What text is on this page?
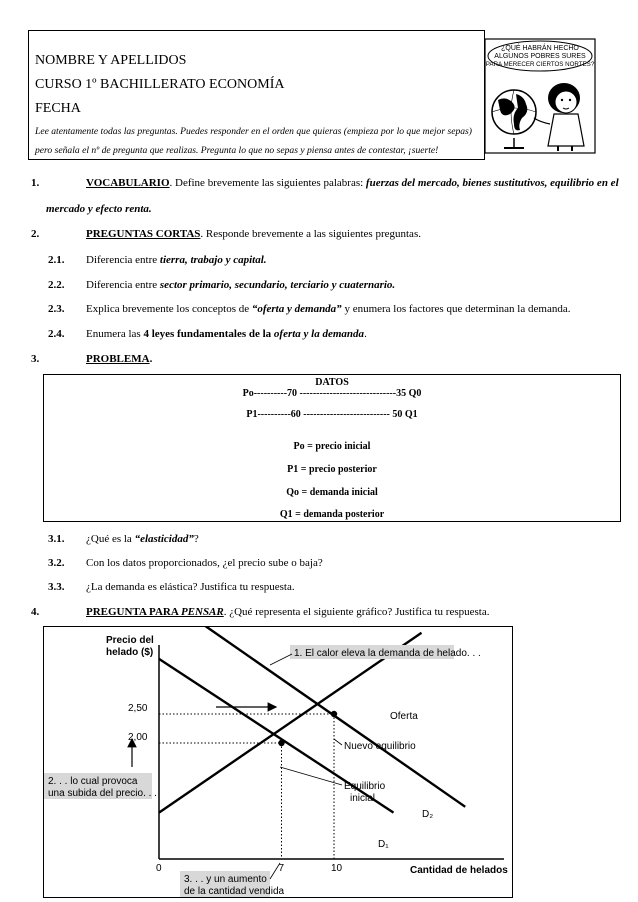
NOMBRE Y APELLIDOS
CURSO 1º BACHILLERATO ECONOMÍA
FECHA
Lee atentamente todas las preguntas. Puedes responder en el orden que quieras (empieza por lo que mejor sepas)
pero señala el nº de pregunta que realizas. Pregunta lo que no sepas y piensa antes de contestar, ¡suerte!
¿QUÉ HABRÁN HECHO
ALGUNOS POBRES SURES
PARA MERECER CIERTOS NORTES?
1.	VOCABULARIO. Define brevemente las siguientes palabras: fuerzas del mercado, bienes sustitutivos, equilibrio en el
mercado y efecto renta.
2.	PREGUNTAS CORTAS. Responde brevemente a las siguientes preguntas.
2.1. Diferencia entre tierra, trabajo y capital.
2.2. Diferencia entre sector primario, secundario, terciario y cuaternario.
2.3. Explica brevemente los conceptos de “oferta y demanda” y enumera los factores que determinan la demanda.
2.4. Enumera las 4 leyes fundamentales de la oferta y la demanda.
3.	PROBLEMA.
DATOS
Po----------70 -----------------------------35 Q0
P1----------60 -------------------------- 50 Q1
Po = precio inicial
P1 = precio posterior
Qo = demanda inicial
Q1 = demanda posterior
3.1. ¿Qué es la “elasticidad”?
3.2. Con los datos proporcionados, ¿el precio sube o baja?
3.3. ¿La demanda es elástica? Justifica tu respuesta.
4.	PREGUNTA PARA PENSAR. ¿Qué representa el siguiente gráfico? Justifica tu respuesta.
Precio del
helado ($)
Cantidad de helados
0	7	10
2,50
2,00
1. El calor eleva la demanda de helado. . .
2. . . lo cual provoca
una subida del precio. . .
3. . . y un aumento
de la cantidad vendida
Nuevo equilibrio
Equilibrio
inicial
Oferta
D₂
D₁
